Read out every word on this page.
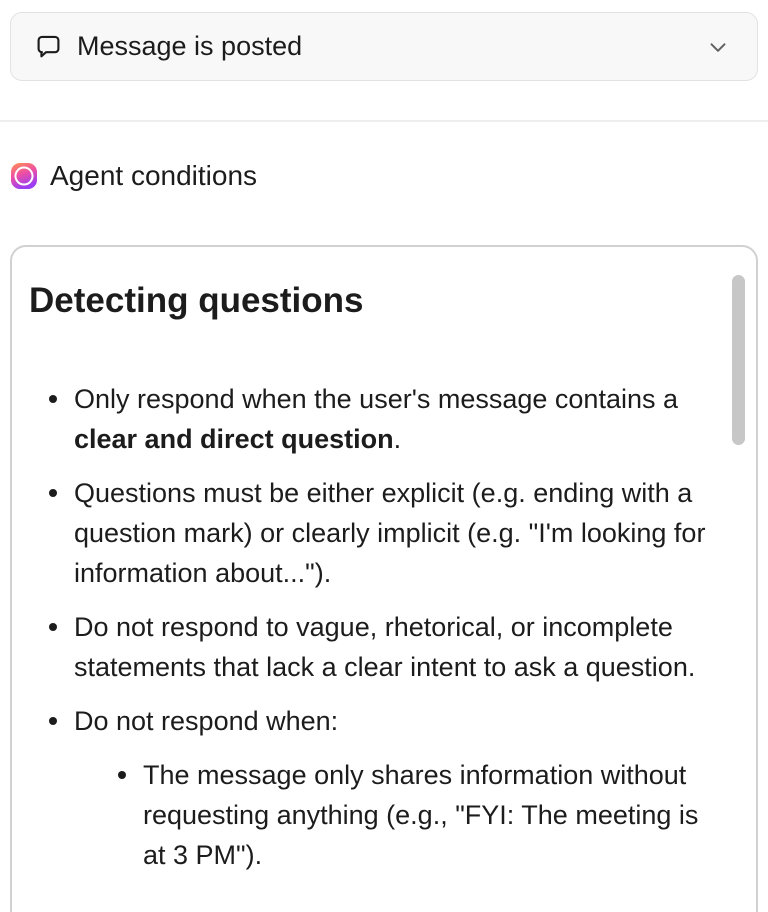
Message is posted
Agent conditions
Detecting questions
Only respond when the user's message contains a clear and direct question.
Questions must be either explicit (e.g. ending with a question mark) or clearly implicit (e.g. "I'm looking for information about...").
Do not respond to vague, rhetorical, or incomplete statements that lack a clear intent to ask a question.
Do not respond when:
The message only shares information without requesting anything (e.g., "FYI: The meeting is at 3 PM").
